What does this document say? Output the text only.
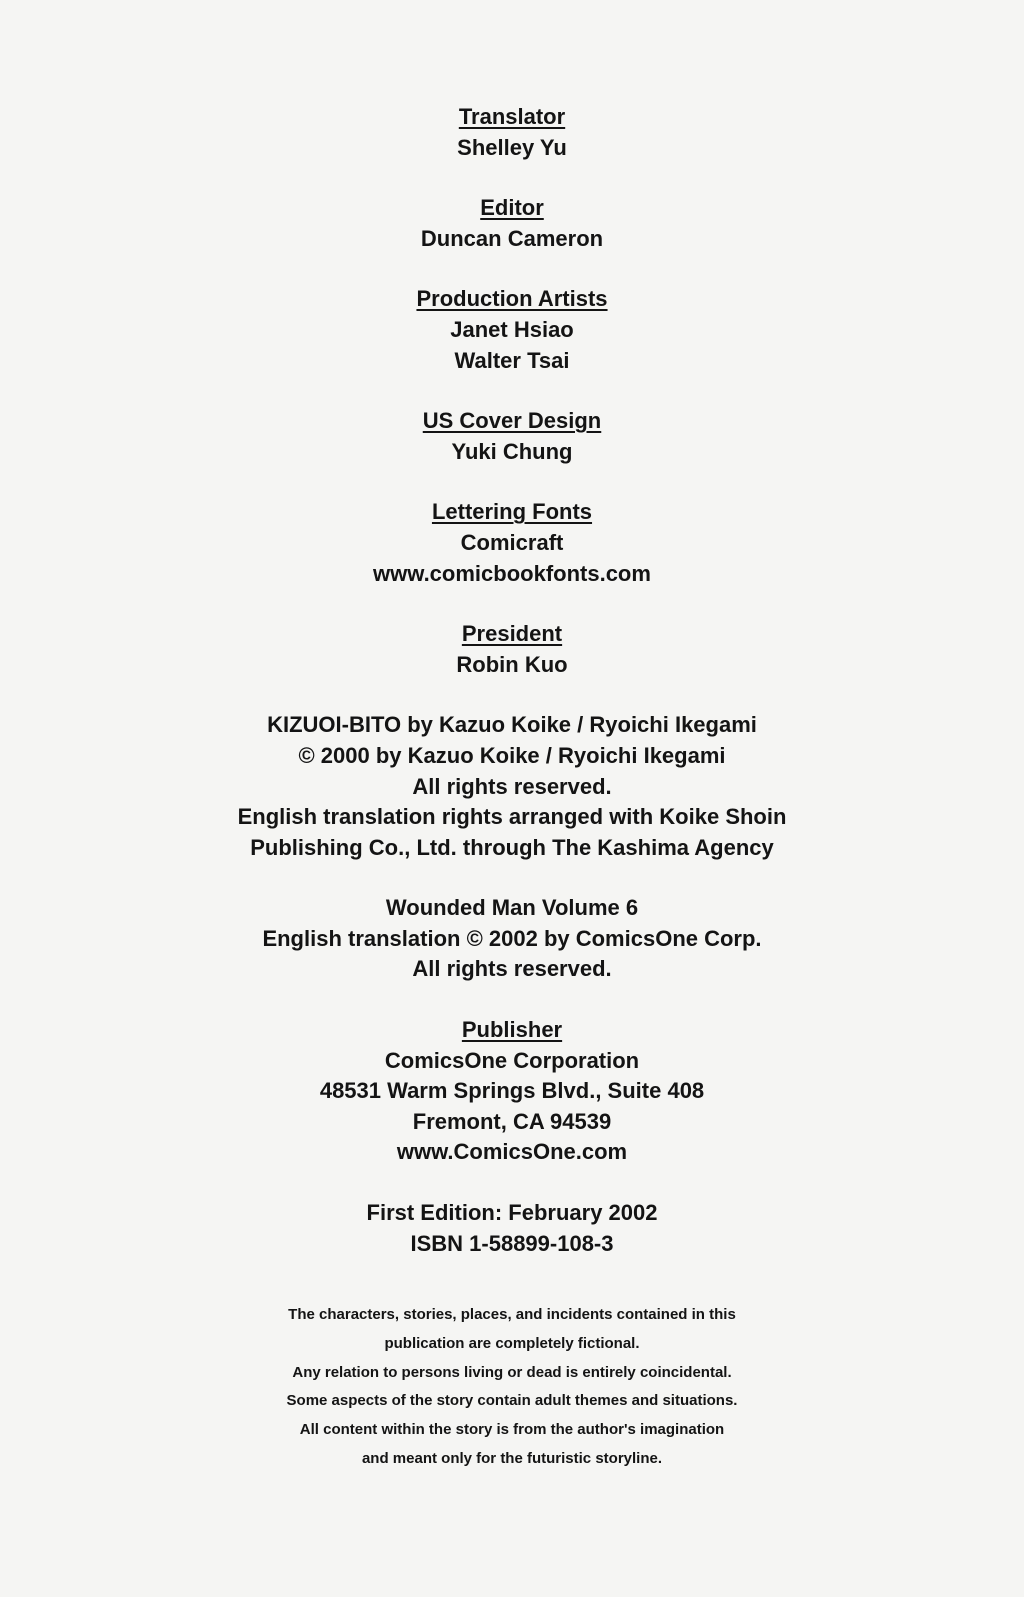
Translator
Shelley Yu
Editor
Duncan Cameron
Production Artists
Janet Hsiao
Walter Tsai
US Cover Design
Yuki Chung
Lettering Fonts
Comicraft
www.comicbookfonts.com
President
Robin Kuo
KIZUOI-BITO by Kazuo Koike / Ryoichi Ikegami
© 2000 by Kazuo Koike / Ryoichi Ikegami
All rights reserved.
English translation rights arranged with Koike Shoin
Publishing Co., Ltd. through The Kashima Agency
Wounded Man Volume 6
English translation © 2002 by ComicsOne Corp.
All rights reserved.
Publisher
ComicsOne Corporation
48531 Warm Springs Blvd., Suite 408
Fremont, CA 94539
www.ComicsOne.com
First Edition: February 2002
ISBN 1-58899-108-3
The characters, stories, places, and incidents contained in this
publication are completely fictional.
Any relation to persons living or dead is entirely coincidental.
Some aspects of the story contain adult themes and situations.
All content within the story is from the author's imagination
and meant only for the futuristic storyline.
